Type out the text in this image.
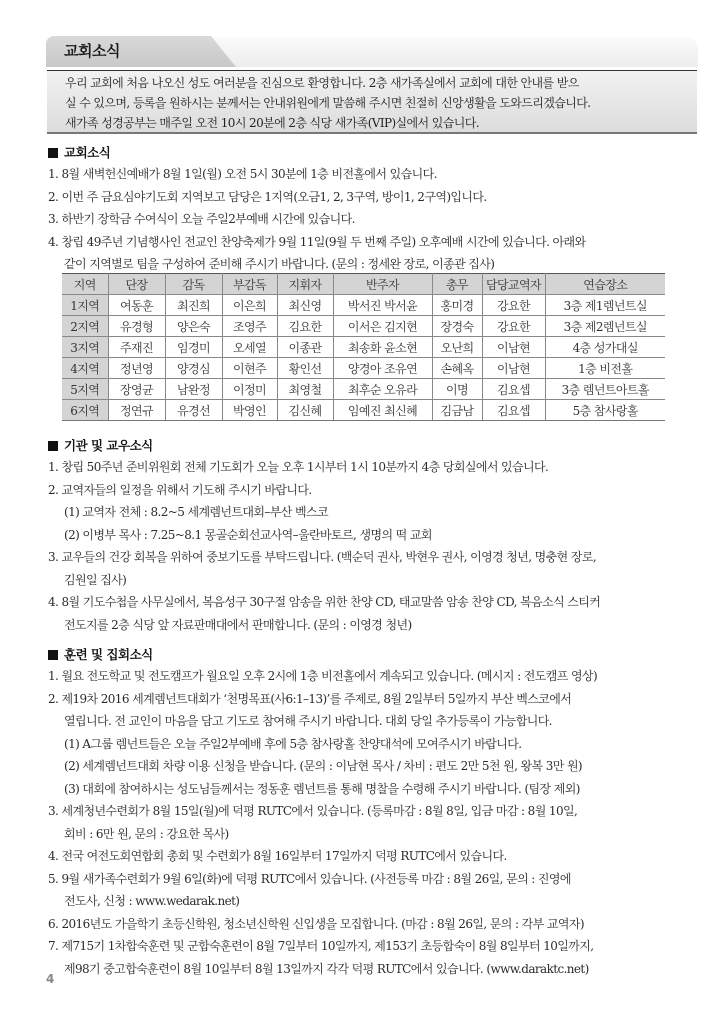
교회소식

우리 교회에 처음 나오신 성도 여러분을 진심으로 환영합니다. 2층 새가족실에서 교회에 대한 안내를 받으

실 수 있으며, 등록을 원하시는 분께서는 안내위원에게 말씀해 주시면 친절히 신앙생활을 도와드리겠습니다.

새가족 성경공부는 매주일 오전 10시 20분에 2층 식당 새가족(VIP)실에서 있습니다.

교회소식
1. 8월 새벽헌신예배가 8월 1일(월) 오전 5시 30분에 1층 비전홀에서 있습니다.
2. 이번 주 금요심야기도회 지역보고 담당은 1지역(오금1, 2, 3구역, 방이1, 2구역)입니다.
3. 하반기 장학금 수여식이 오늘 주일2부예배 시간에 있습니다.
4. 창립 49주년 기념행사인 전교인 찬양축제가 9월 11일(9월 두 번째 주일) 오후예배 시간에 있습니다. 아래와
같이 지역별로 팀을 구성하여 준비해 주시기 바랍니다. (문의 : 정세완 장로, 이종관 집사)
지역	단장	감독	부감독	지휘자	반주자	총무	담당교역자	연습장소
1지역	여동훈	최진희	이은희	최신영	박서진 박서윤	홍미경	강요한	3층 제1렘넌트실
2지역	유경형	양은숙	조영주	김요한	이서은 김지현	장경숙	강요한	3층 제2렘넌트실
3지역	주재진	임경미	오세열	이종관	최송화 윤소현	오난희	이남현	4층 성가대실
4지역	정년영	양경심	이현주	황인선	양경아 조유연	손혜옥	이남현	1층 비전홀
5지역	장영균	남완정	이정미	최영철	최후순 오유라	이명	김요셉	3층 렘넌트아트홀
6지역	정연규	유경선	박영인	김신혜	임예진 최신혜	김금남	김요셉	5층 참사랑홀
기관 및 교우소식
1. 창립 50주년 준비위원회 전체 기도회가 오늘 오후 1시부터 1시 10분까지 4층 당회실에서 있습니다.
2. 교역자들의 일정을 위해서 기도해 주시기 바랍니다.
(1) 교역자 전체 : 8.2~5 세계렘넌트대회–부산 벡스코
(2) 이병부 목사 : 7.25~8.1 몽골순회선교사역–울란바토르, 생명의 떡 교회
3. 교우들의 건강 회복을 위하여 중보기도를 부탁드립니다. (백순덕 권사, 박현우 권사, 이영경 청년, 명충현 장로,
김원일 집사)
4. 8월 기도수첩을 사무실에서, 복음성구 30구절 암송을 위한 찬양 CD, 태교말씀 암송 찬양 CD, 복음소식 스티커
전도지를 2층 식당 앞 자료판매대에서 판매합니다. (문의 : 이영경 청년)
훈련 및 집회소식
1. 월요 전도학교 및 전도캠프가 월요일 오후 2시에 1층 비전홀에서 계속되고 있습니다. (메시지 : 전도캠프 영상)
2. 제19차 2016 세계렘넌트대회가 ‘천명목표(사6:1–13)’를 주제로, 8월 2일부터 5일까지 부산 벡스코에서
열립니다. 전 교인이 마음을 담고 기도로 참여해 주시기 바랍니다. 대회 당일 추가등록이 가능합니다.
(1) A그룹 렘넌트들은 오늘 주일2부예배 후에 5층 참사랑홀 찬양대석에 모여주시기 바랍니다.
(2) 세계렘넌트대회 차량 이용 신청을 받습니다. (문의 : 이남현 목사 / 차비 : 편도 2만 5천 원, 왕복 3만 원)
(3) 대회에 참여하시는 성도님들께서는 정동훈 렘넌트를 통해 명찰을 수령해 주시기 바랍니다. (팀장 제외)
3. 세계청년수련회가 8월 15일(월)에 덕평 RUTC에서 있습니다. (등록마감 : 8월 8일, 입금 마감 : 8월 10일,
회비 : 6만 원, 문의 : 강요한 목사)
4. 전국 여전도회연합회 총회 및 수련회가 8월 16일부터 17일까지 덕평 RUTC에서 있습니다.
5. 9월 새가족수련회가 9월 6일(화)에 덕평 RUTC에서 있습니다. (사전등록 마감 : 8월 26일, 문의 : 진영에
전도사, 신청 : www.wedarak.net)
6. 2016년도 가을학기 초등신학원, 청소년신학원 신입생을 모집합니다. (마감 : 8월 26일, 문의 : 각부 교역자)
7. 제715기 1차합숙훈련 및 군합숙훈련이 8월 7일부터 10일까지, 제153기 초등합숙이 8월 8일부터 10일까지,
제98기 중고합숙훈련이 8월 10일부터 8월 13일까지 각각 덕평 RUTC에서 있습니다. (www.daraktc.net)
4
